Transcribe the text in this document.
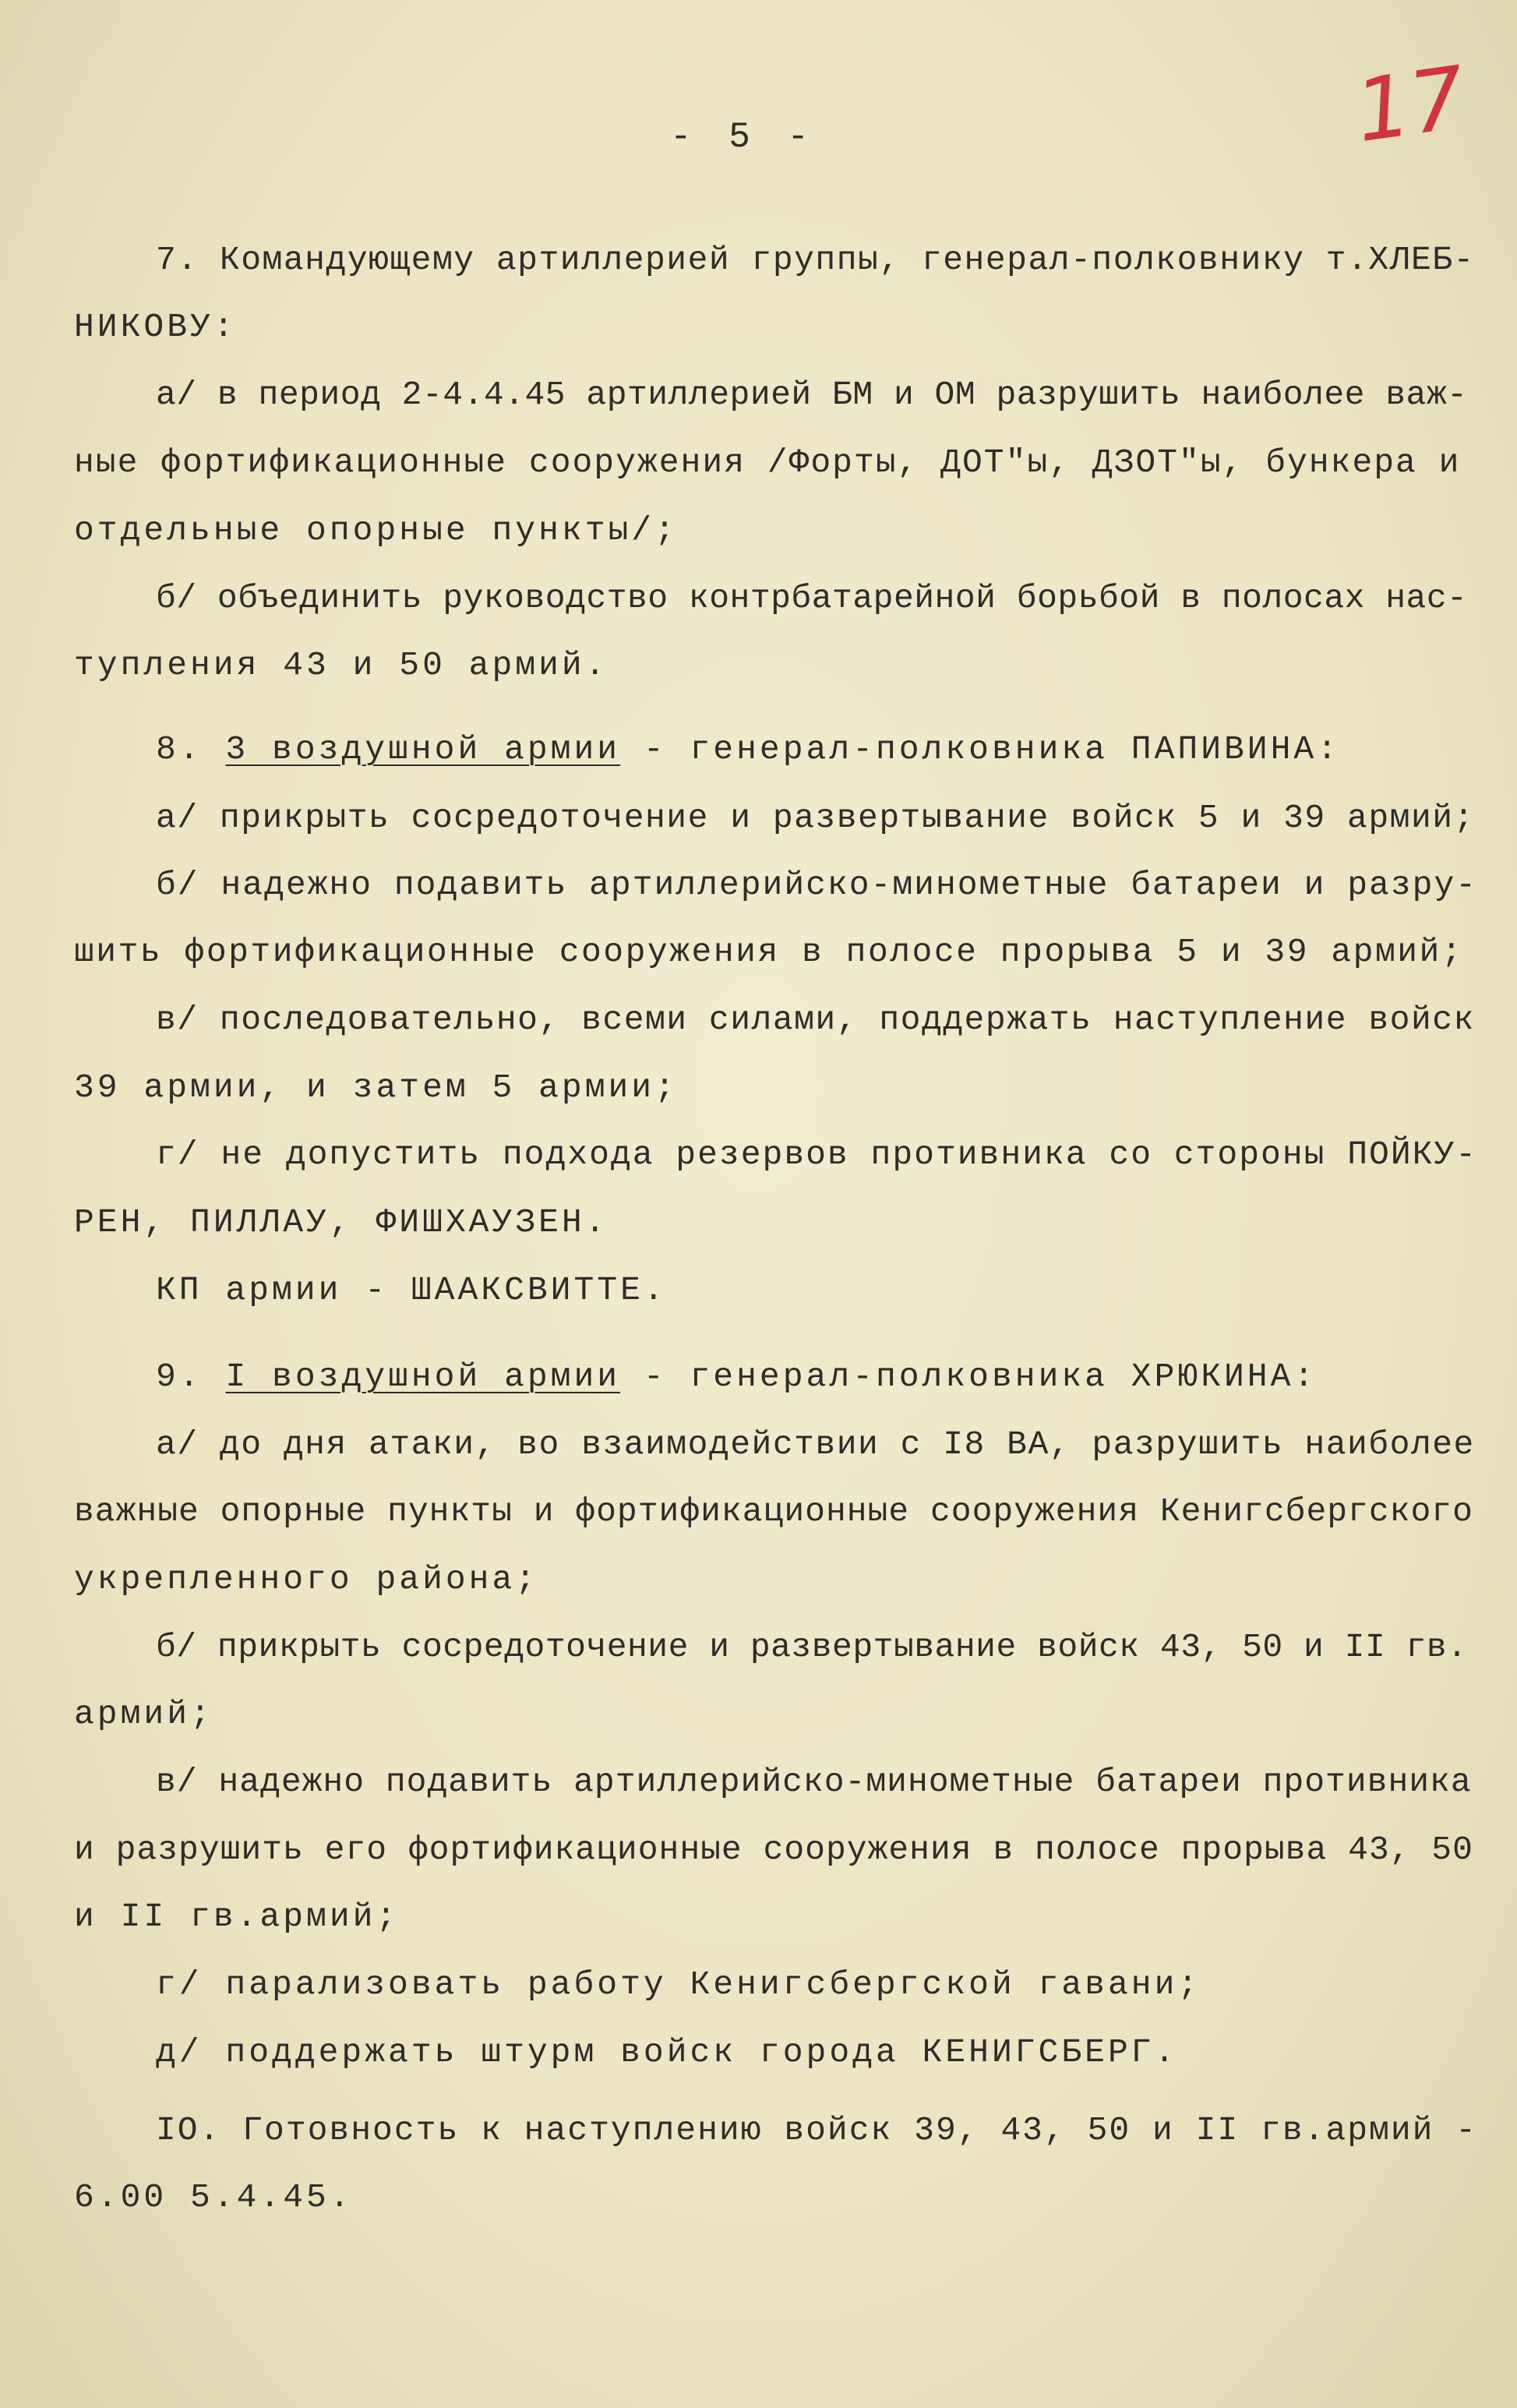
- 5 -	17
7. Командующему артиллерией группы, генерал-полковнику т.ХЛЕБ-
НИКОВУ:
а/ в период 2-4.4.45 артиллерией БМ и ОМ разрушить наиболее важ-
ные фортификационные сооружения /Форты, ДОТ"ы, ДЗОТ"ы, бункера и
отдельные опорные пункты/;
б/ объединить руководство контрбатарейной борьбой в полосах нас-
тупления 43 и 50 армий.
8. 3 воздушной армии - генерал-полковника ПАПИВИНА:
а/ прикрыть сосредоточение и развертывание войск 5 и 39 армий;
б/ надежно подавить артиллерийско-минометные батареи и разру-
шить фортификационные сооружения в полосе прорыва 5 и 39 армий;
в/ последовательно, всеми силами, поддержать наступление войск
39 армии, и затем 5 армии;
г/ не допустить подхода резервов противника со стороны ПОЙКУ-
РЕН, ПИЛЛАУ, ФИШХАУЗЕН.
КП армии - ШААКСВИТТЕ.
9. I воздушной армии - генерал-полковника ХРЮКИНА:
а/ до дня атаки, во взаимодействии с I8 ВА, разрушить наиболее
важные опорные пункты и фортификационные сооружения Кенигсбергского
укрепленного района;
б/ прикрыть сосредоточение и развертывание войск 43, 50 и II гв.
армий;
в/ надежно подавить артиллерийско-минометные батареи противника
и разрушить его фортификационные сооружения в полосе прорыва 43, 50
и II гв.армий;
г/ парализовать работу Кенигсбергской гавани;
д/ поддержать штурм войск города КЕНИГСБЕРГ.
IO. Готовность к наступлению войск 39, 43, 50 и II гв.армий -
6.00 5.4.45.
